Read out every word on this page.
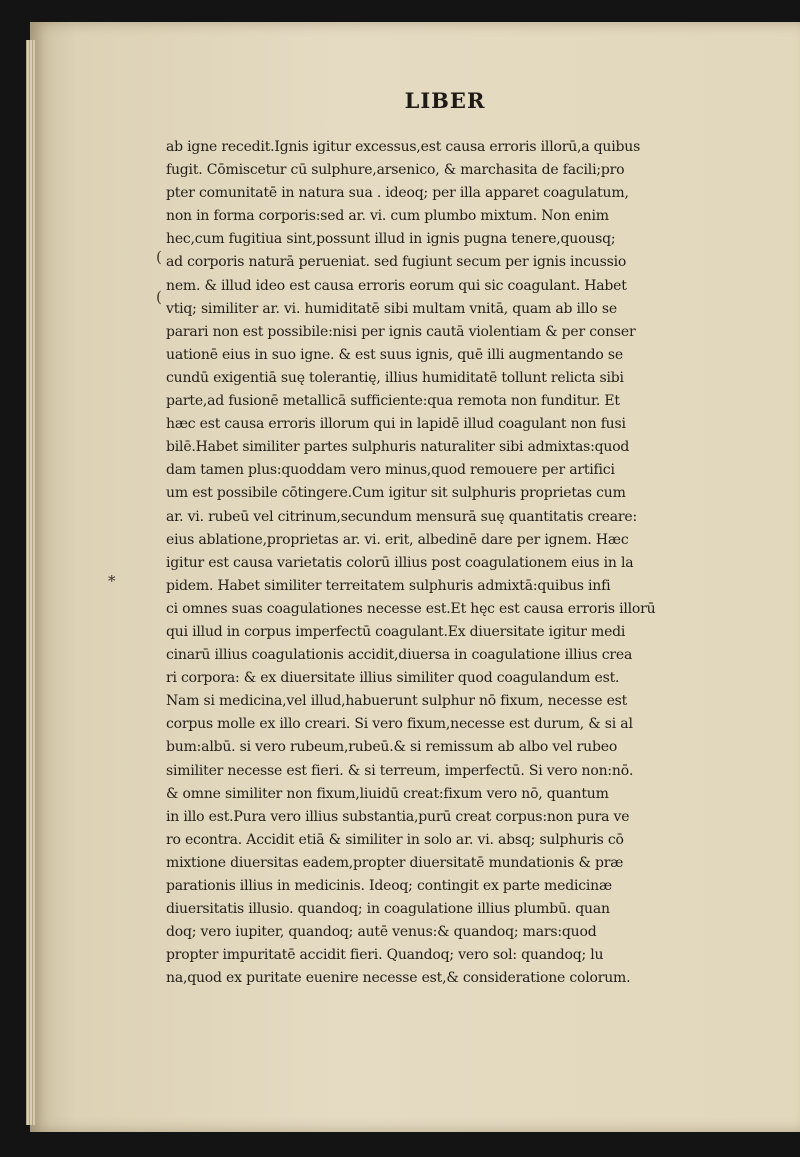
LIBER
ab igne recedit.Ignis igitur excessus,est causa erroris illorū,a quibus
fugit. Cōmiscetur cū sulphure,arsenico, & marchasita de facili;pro
pter comunitatē in natura sua . ideoq; per illa apparet coagulatum,
non in forma corporis:sed ar. vi. cum plumbo mixtum. Non enim
hec,cum fugitiua sint,possunt illud in ignis pugna tenere,quousq;
ad corporis naturā perueniat. sed fugiunt secum per ignis incussio
nem. & illud ideo est causa erroris eorum qui sic coagulant. Habet
vtiq; similiter ar. vi. humiditatē sibi multam vnitā, quam ab illo se
parari non est possibile:nisi per ignis cautā violentiam & per conser
uationē eius in suo igne. & est suus ignis, quē illi augmentando se
cundū exigentiā suę tolerantię, illius humiditatē tollunt relicta sibi
parte,ad fusionē metallicā sufficiente:qua remota non funditur. Et
hæc est causa erroris illorum qui in lapidē illud coagulant non fusi
bilē.Habet similiter partes sulphuris naturaliter sibi admixtas:quod
dam tamen plus:quoddam vero minus,quod remouere per artifici
um est possibile cōtingere.Cum igitur sit sulphuris proprietas cum
ar. vi. rubeū vel citrinum,secundum mensurā suę quantitatis creare:
eius ablatione,proprietas ar. vi. erit, albedinē dare per ignem. Hæc
igitur est causa varietatis colorū illius post coagulationem eius in la
pidem. Habet similiter terreitatem sulphuris admixtā:quibus infi
ci omnes suas coagulationes necesse est.Et hęc est causa erroris illorū
qui illud in corpus imperfectū coagulant.Ex diuersitate igitur medi
cinarū illius coagulationis accidit,diuersa in coagulatione illius crea
ri corpora: & ex diuersitate illius similiter quod coagulandum est.
Nam si medicina,vel illud,habuerunt sulphur nō fixum, necesse est
corpus molle ex illo creari. Si vero fixum,necesse est durum, & si al
bum:albū. si vero rubeum,rubeū.& si remissum ab albo vel rubeo
similiter necesse est fieri. & si terreum, imperfectū. Si vero non:nō.
& omne similiter non fixum,liuidū creat:fixum vero nō, quantum
in illo est.Pura vero illius substantia,purū creat corpus:non pura ve
ro econtra. Accidit etiā & similiter in solo ar. vi. absq; sulphuris cō
mixtione diuersitas eadem,propter diuersitatē mundationis & præ
parationis illius in medicinis. Ideoq; contingit ex parte medicinæ
diuersitatis illusio. quandoq; in coagulatione illius plumbū. quan
doq; vero iupiter, quandoq; autē venus:& quandoq; mars:quod
propter impuritatē accidit fieri. Quandoq; vero sol: quandoq; lu
na,quod ex puritate euenire necesse est,& consideratione colorum.
(
(
*
